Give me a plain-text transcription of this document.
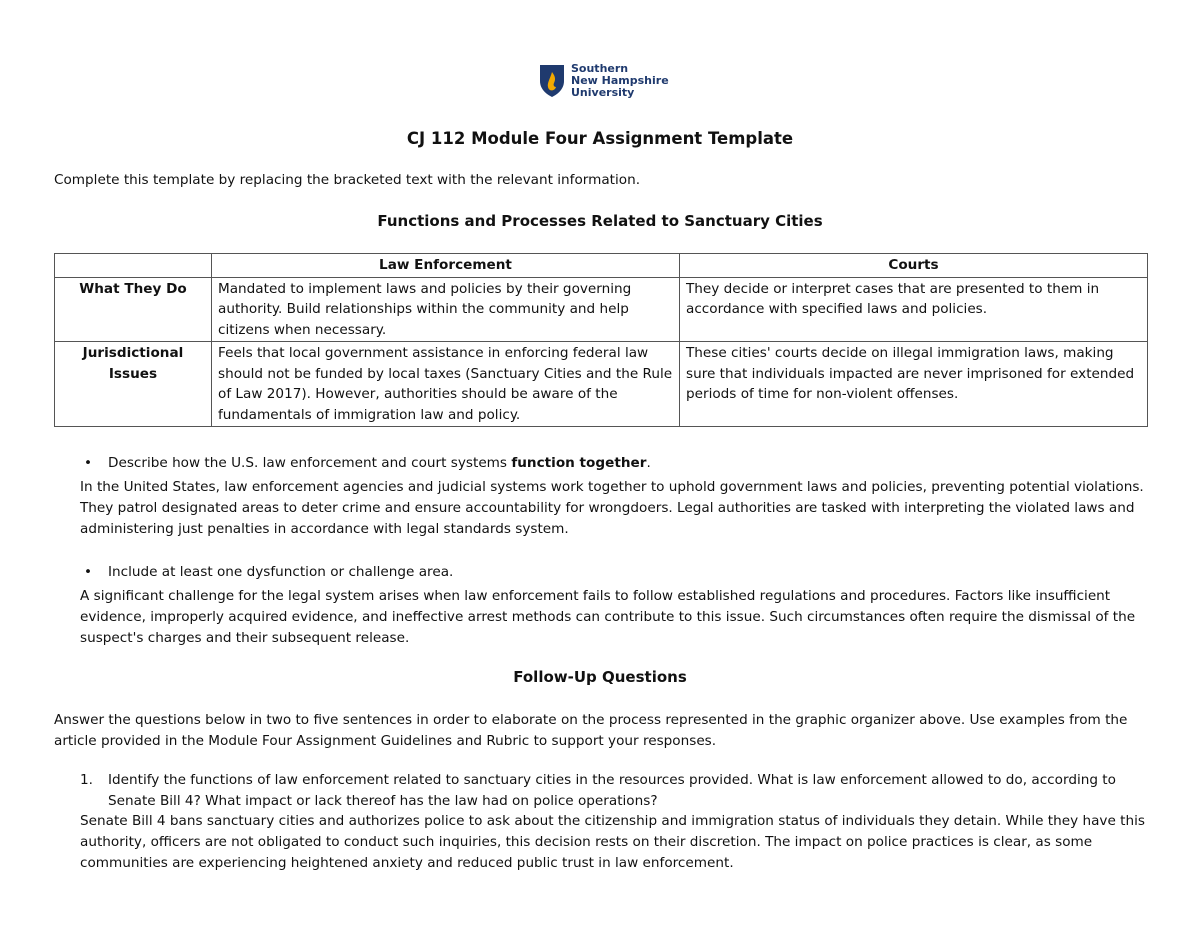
Southern
New Hampshire
University
CJ 112 Module Four Assignment Template
Complete this template by replacing the bracketed text with the relevant information.
Functions and Processes Related to Sanctuary Cities
	Law Enforcement	Courts
What They Do	Mandated to implement laws and policies by their governing authority. Build relationships within the community and help citizens when necessary.	They decide or interpret cases that are presented to them in accordance with specified laws and policies.
Jurisdictional Issues	Feels that local government assistance in enforcing federal law should not be funded by local taxes (Sanctuary Cities and the Rule of Law 2017). However, authorities should be aware of the fundamentals of immigration law and policy.	These cities' courts decide on illegal immigration laws, making sure that individuals impacted are never imprisoned for extended periods of time for non-violent offenses.
•	Describe how the U.S. law enforcement and court systems function together.
In the United States, law enforcement agencies and judicial systems work together to uphold government laws and policies, preventing potential violations. They patrol designated areas to deter crime and ensure accountability for wrongdoers. Legal authorities are tasked with interpreting the violated laws and administering just penalties in accordance with legal standards system.
•	Include at least one dysfunction or challenge area.
A significant challenge for the legal system arises when law enforcement fails to follow established regulations and procedures. Factors like insufficient evidence, improperly acquired evidence, and ineffective arrest methods can contribute to this issue. Such circumstances often require the dismissal of the suspect's charges and their subsequent release.
Follow-Up Questions
Answer the questions below in two to five sentences in order to elaborate on the process represented in the graphic organizer above. Use examples from the article provided in the Module Four Assignment Guidelines and Rubric to support your responses.
1.	Identify the functions of law enforcement related to sanctuary cities in the resources provided. What is law enforcement allowed to do, according to Senate Bill 4? What impact or lack thereof has the law had on police operations?
Senate Bill 4 bans sanctuary cities and authorizes police to ask about the citizenship and immigration status of individuals they detain. While they have this authority, officers are not obligated to conduct such inquiries, this decision rests on their discretion. The impact on police practices is clear, as some communities are experiencing heightened anxiety and reduced public trust in law enforcement.
